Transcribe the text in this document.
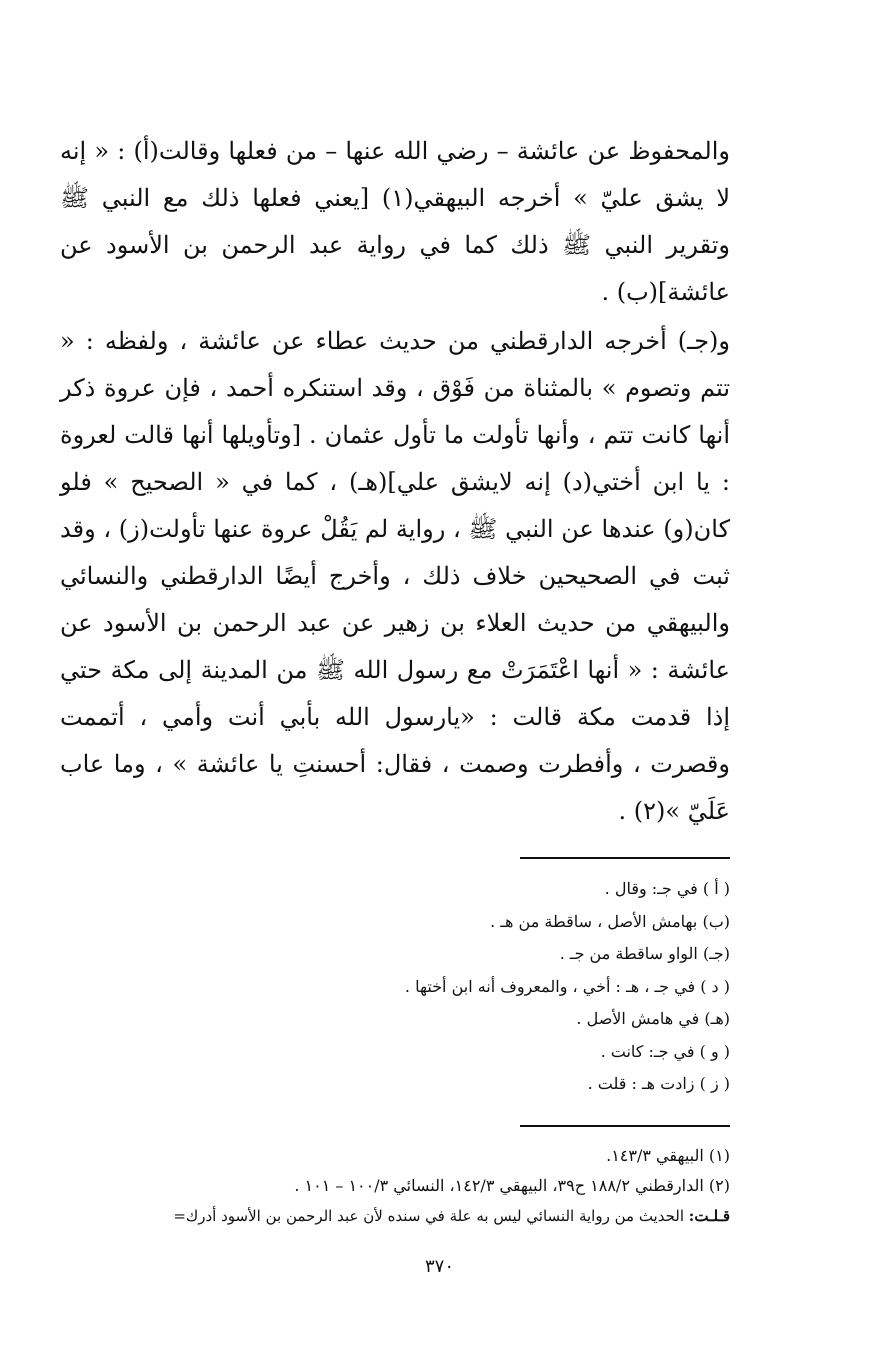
والمحفوظ عن عائشة – رضي الله عنها – من فعلها وقالت(أ) : « إنه لا يشق عليّ » أخرجه البيهقي(١) [يعني فعلها ذلك مع النبي ﷺ وتقرير النبي ﷺ ذلك كما في رواية عبد الرحمن بن الأسود عن عائشة](ب) .

و(جـ) أخرجه الدارقطني من حديث عطاء عن عائشة ، ولفظه : « تتم وتصوم » بالمثناة من فَوْق ، وقد استنكره أحمد ، فإن عروة ذكر أنها كانت تتم ، وأنها تأولت ما تأول عثمان . [وتأويلها أنها قالت لعروة : يا ابن أختي(د) إنه لايشق علي](هـ) ، كما في « الصحيح » فلو كان(و) عندها عن النبي ﷺ ، رواية لم يَقُلْ عروة عنها تأولت(ز) ، وقد ثبت في الصحيحين خلاف ذلك ، وأخرج أيضًا الدارقطني والنسائي والبيهقي من حديث العلاء بن زهير عن عبد الرحمن بن الأسود عن عائشة : « أنها اعْتَمَرَتْ مع رسول الله ﷺ من المدينة إلى مكة حتي إذا قدمت مكة قالت : «يارسول الله بأبي أنت وأمي ، أتممت وقصرت ، وأفطرت وصمت ، فقال: أحسنتِ يا عائشة » ، وما عاب عَلَيّ »(٢) .

( أ ) في جـ: وقال .
(ب) بهامش الأصل ، ساقطة من هـ .
(جـ) الواو ساقطة من جـ .
( د ) في جـ ، هـ : أخي ، والمعروف أنه ابن أختها .
(هـ) في هامش الأصل .
( و ) في جـ: كانت .
( ز ) زادت هـ : قلت .
(١) البيهقي ١٤٣/٣.
(٢) الدارقطني ١٨٨/٢ ح٣٩، البيهقي ١٤٢/٣، النسائي ١٠٠/٣ – ١٠١ .
قـلـت: الحديث من رواية النسائي ليس به علة في سنده لأن عبد الرحمن بن الأسود أدرك=
٣٧٠
